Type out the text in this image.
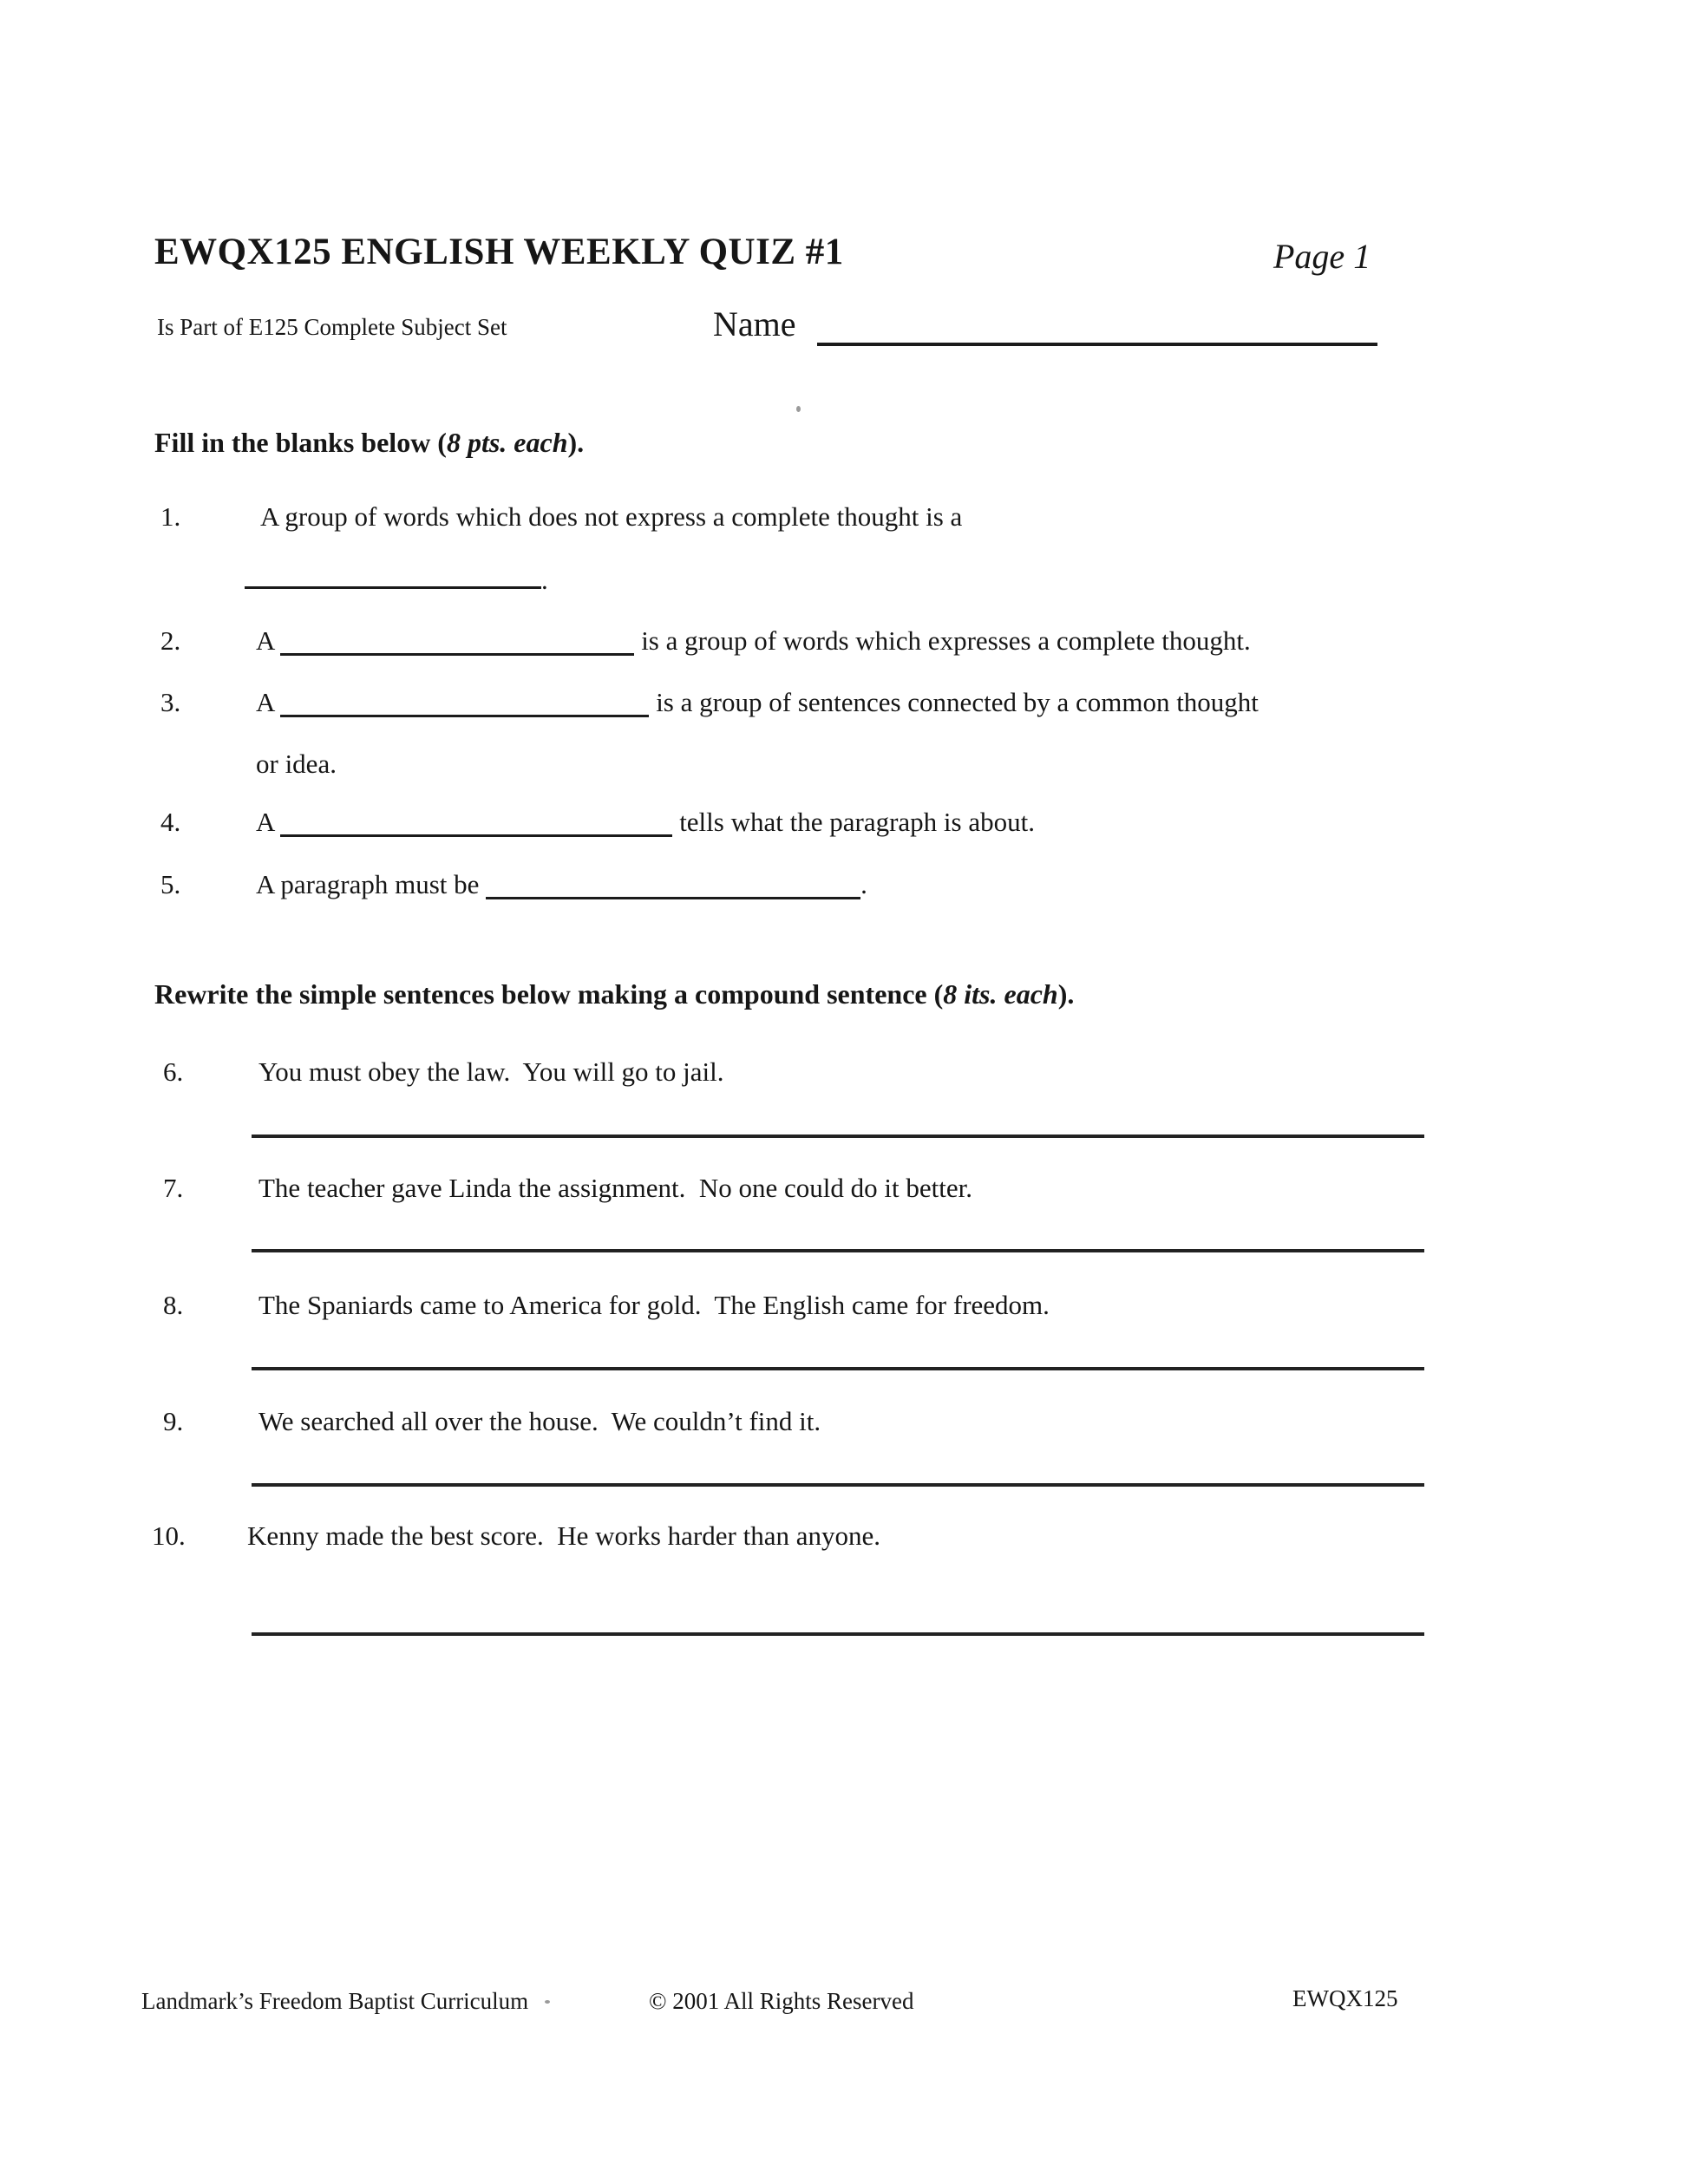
EWQX125 ENGLISH WEEKLY QUIZ #1	Page 1
Is Part of E125 Complete Subject Set	Name
Fill in the blanks below (8 pts. each).
1.	A group of words which does not express a complete thought is a
.
2.	A	is a group of words which expresses a complete thought.
3.	A	is a group of sentences connected by a common thought
or idea.
4.	A	tells what the paragraph is about.
5.	A paragraph must be	.
Rewrite the simple sentences below making a compound sentence (8 its. each).
6.	You must obey the law.  You will go to jail.
7.	The teacher gave Linda the assignment.  No one could do it better.
8.	The Spaniards came to America for gold.  The English came for freedom.
9.	We searched all over the house.  We couldn’t find it.
10.	Kenny made the best score.  He works harder than anyone.
Landmark’s Freedom Baptist Curriculum	© 2001 All Rights Reserved	EWQX125
